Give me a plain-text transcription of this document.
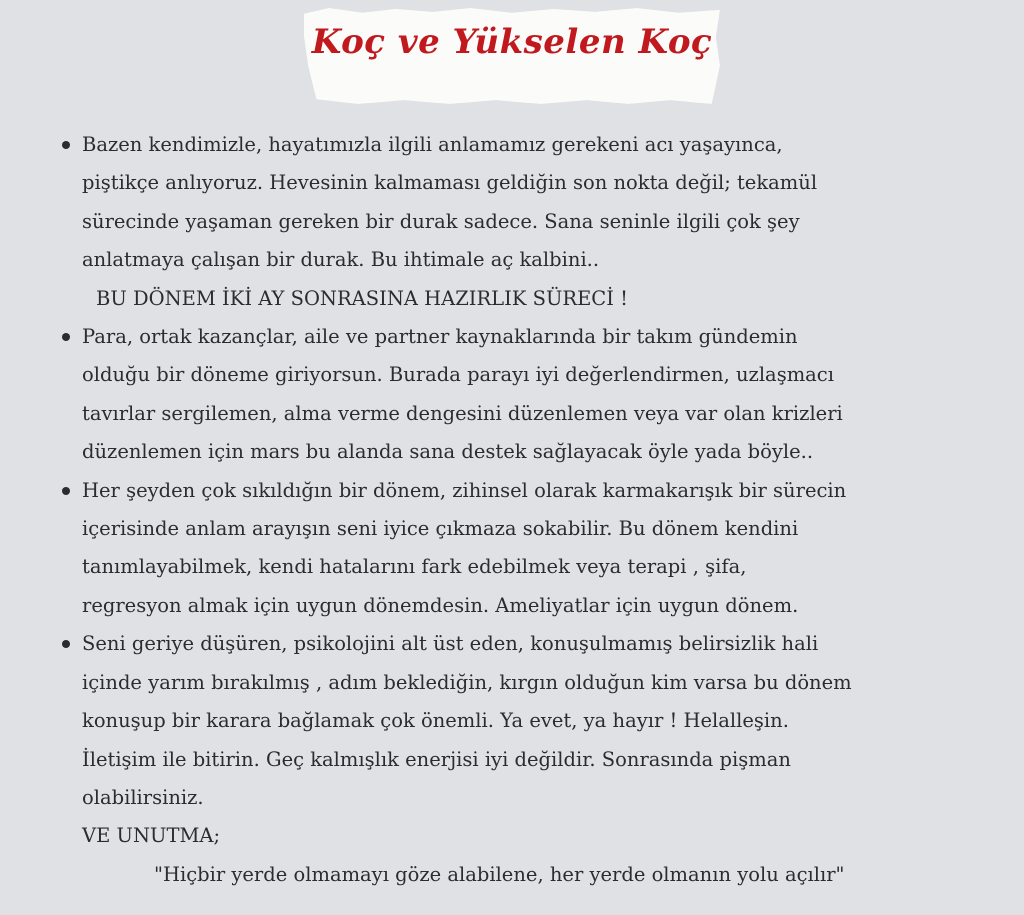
Koç ve Yükselen Koç
Bazen kendimizle, hayatımızla ilgili anlamamız gerekeni acı yaşayınca,
piştikçe anlıyoruz. Hevesinin kalmaması geldiğin son nokta değil; tekamül
sürecinde yaşaman gereken bir durak sadece. Sana seninle ilgili çok şey
anlatmaya çalışan bir durak. Bu ihtimale aç kalbini..
BU DÖNEM İKİ AY SONRASINA HAZIRLIK SÜRECİ !
Para, ortak kazançlar, aile ve partner kaynaklarında bir takım gündemin
olduğu bir döneme giriyorsun. Burada parayı iyi değerlendirmen, uzlaşmacı
tavırlar sergilemen, alma verme dengesini düzenlemen veya var olan krizleri
düzenlemen için mars bu alanda sana destek sağlayacak öyle yada böyle..
Her şeyden çok sıkıldığın bir dönem, zihinsel olarak karmakarışık bir sürecin
içerisinde anlam arayışın seni iyice çıkmaza sokabilir. Bu dönem kendini
tanımlayabilmek, kendi hatalarını fark edebilmek veya terapi , şifa,
regresyon almak için uygun dönemdesin. Ameliyatlar için uygun dönem.
Seni geriye düşüren, psikolojini alt üst eden, konuşulmamış belirsizlik hali
içinde yarım bırakılmış , adım beklediğin, kırgın olduğun kim varsa bu dönem
konuşup bir karara bağlamak çok önemli. Ya evet, ya hayır ! Helalleşin.
İletişim ile bitirin. Geç kalmışlık enerjisi iyi değildir. Sonrasında pişman
olabilirsiniz.
VE UNUTMA;
"Hiçbir yerde olmamayı göze alabilene, her yerde olmanın yolu açılır"
